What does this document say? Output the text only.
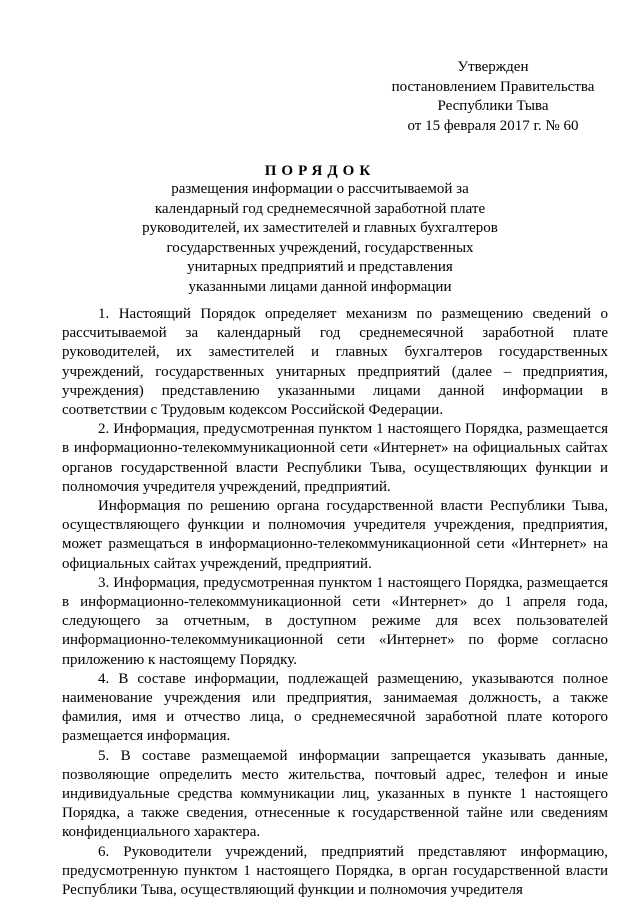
Утвержден
постановлением Правительства
Республики Тыва
от 15 февраля 2017 г. № 60
ПОРЯДОК
размещения информации о рассчитываемой за
календарный год среднемесячной заработной плате
руководителей, их заместителей и главных бухгалтеров
государственных учреждений, государственных
унитарных предприятий и представления
указанными лицами данной информации

1. Настоящий Порядок определяет механизм по размещению сведений о рассчитываемой за календарный год среднемесячной заработной плате руководителей, их заместителей и главных бухгалтеров государственных учреждений, государственных унитарных предприятий (далее – предприятия, учреждения) представлению указанными лицами данной информации в соответствии с Трудовым кодексом Российской Федерации.

2. Информация, предусмотренная пунктом 1 настоящего Порядка, размещается в информационно-телекоммуникационной сети «Интернет» на официальных сайтах органов государственной власти Республики Тыва, осуществляющих функции и полномочия учредителя учреждений, предприятий.

Информация по решению органа государственной власти Республики Тыва, осуществляющего функции и полномочия учредителя учреждения, предприятия, может размещаться в информационно-телекоммуникационной сети «Интернет» на официальных сайтах учреждений, предприятий.

3. Информация, предусмотренная пунктом 1 настоящего Порядка, размещается в информационно-телекоммуникационной сети «Интернет» до 1 апреля года, следующего за отчетным, в доступном режиме для всех пользователей информационно-телекоммуникационной сети «Интернет» по форме согласно приложению к настоящему Порядку.

4. В составе информации, подлежащей размещению, указываются полное наименование учреждения или предприятия, занимаемая должность, а также фамилия, имя и отчество лица, о среднемесячной заработной плате которого размещается информация.

5. В составе размещаемой информации запрещается указывать данные, позволяющие определить место жительства, почтовый адрес, телефон и иные индивидуальные средства коммуникации лиц, указанных в пункте 1 настоящего Порядка, а также сведения, отнесенные к государственной тайне или сведениям конфиденциального характера.

6. Руководители учреждений, предприятий представляют информацию, предусмотренную пунктом 1 настоящего Порядка, в орган государственной власти Республики Тыва, осуществляющий функции и полномочия учредителя
